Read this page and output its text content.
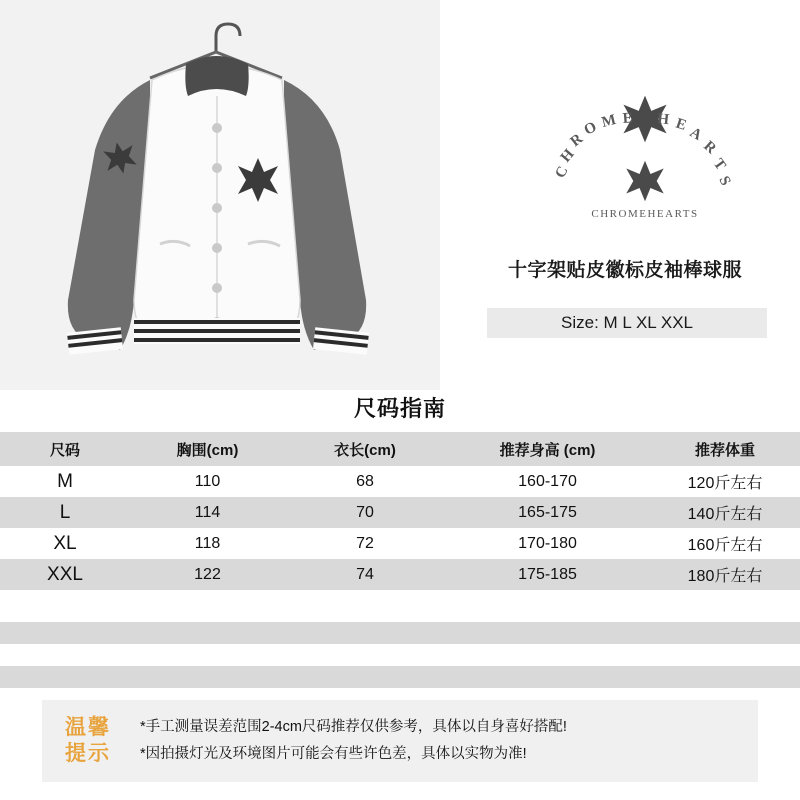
C
H
R
O M E H E
A
R
T
S
CHROMEHEARTS
十字架贴皮徽标皮袖棒球服
Size: M L XL XXL
尺码指南
尺码	胸围(cm)	衣长(cm)	推荐身高 (cm)	推荐体重
M	110	68	160-170	120斤左右
L	114	70	165-175	140斤左右
XL	118	72	170-180	160斤左右
XXL	122	74	175-185	180斤左右
温馨
提示
*手工测量误差范围2-4cm尺码推荐仅供参考，具体以自身喜好搭配!
*因拍摄灯光及环境图片可能会有些许色差，具体以实物为准!
